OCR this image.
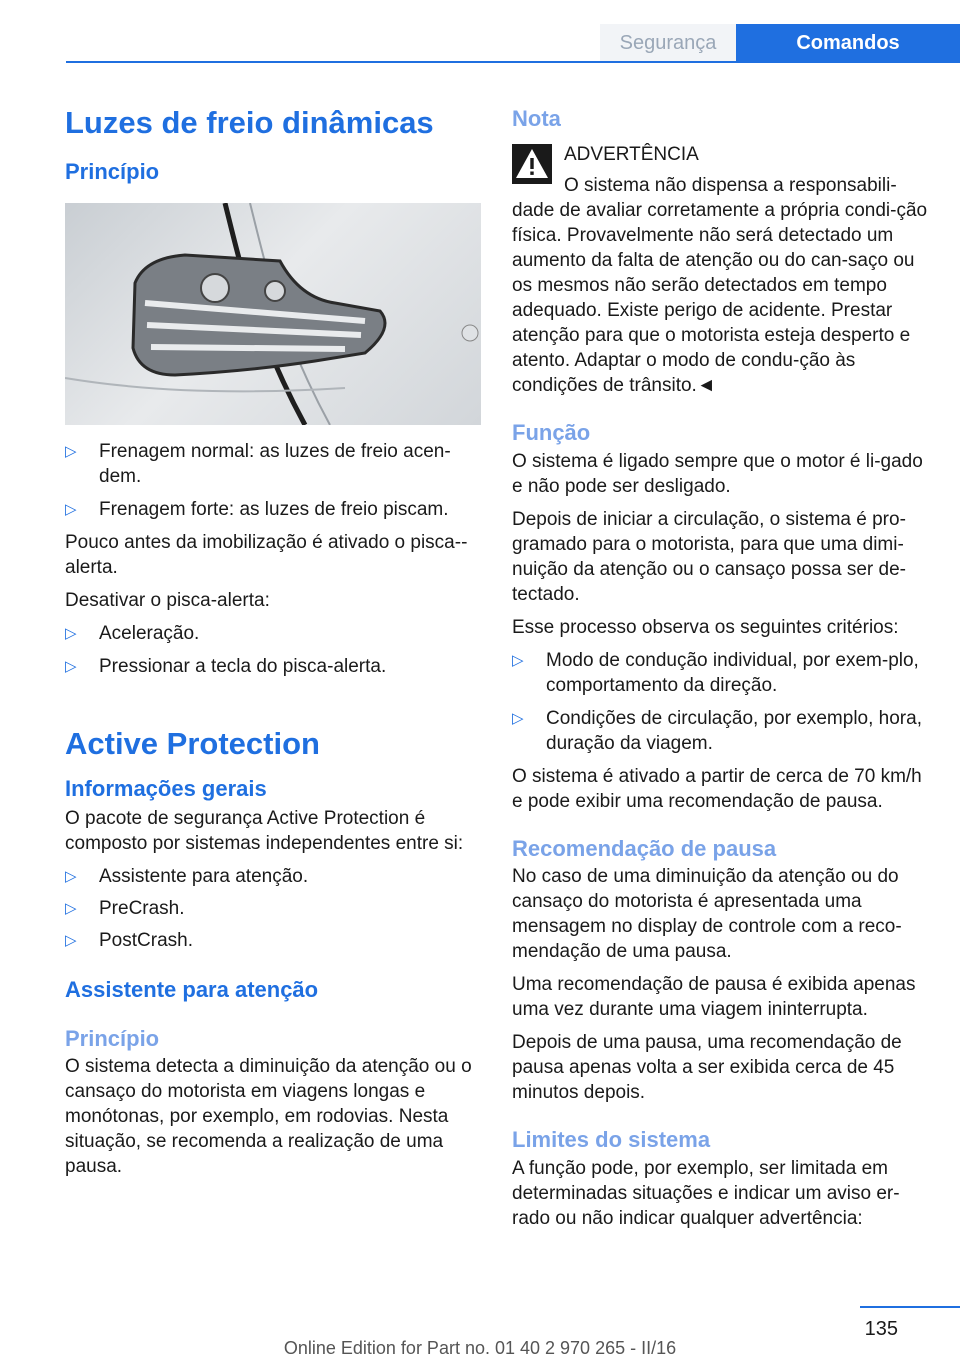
Segurança	Comandos
Luzes de freio dinâmicas
Princípio
▷ Frenagem normal: as luzes de freio acen-dem.
▷ Frenagem forte: as luzes de freio piscam.

Pouco antes da imobilização é ativado o pisca--alerta.

Desativar o pisca-alerta:

▷ Aceleração.
▷ Pressionar a tecla do pisca-alerta.
Active Protection
Informações gerais

O pacote de segurança Active Protection é composto por sistemas independentes entre si:

▷ Assistente para atenção.
▷ PreCrash.
▷ PostCrash.
Assistente para atenção
Princípio

O sistema detecta a diminuição da atenção ou o cansaço do motorista em viagens longas e monótonas, por exemplo, em rodovias. Nesta situação, se recomenda a realização de uma pausa.

Nota

ADVERTÊNCIA

O sistema não dispensa a responsabili-

dade de avaliar corretamente a própria condi-ção física. Provavelmente não será detectado um aumento da falta de atenção ou do can-saço ou os mesmos não serão detectados em tempo adequado. Existe perigo de acidente. Prestar atenção para que o motorista esteja desperto e atento. Adaptar o modo de condu-ção às condições de trânsito.◄

Função

O sistema é ligado sempre que o motor é li-gado e não pode ser desligado.

Depois de iniciar a circulação, o sistema é pro-gramado para o motorista, para que uma dimi-nuição da atenção ou o cansaço possa ser de-tectado.

Esse processo observa os seguintes critérios:

▷ Modo de condução individual, por exem-plo, comportamento da direção.
▷ Condições de circulação, por exemplo, hora, duração da viagem.

O sistema é ativado a partir de cerca de 70 km/h e pode exibir uma recomendação de pausa.

Recomendação de pausa

No caso de uma diminuição da atenção ou do cansaço do motorista é apresentada uma mensagem no display de controle com a reco-mendação de uma pausa.

Uma recomendação de pausa é exibida apenas uma vez durante uma viagem ininterrupta.

Depois de uma pausa, uma recomendação de pausa apenas volta a ser exibida cerca de 45 minutos depois.

Limites do sistema

A função pode, por exemplo, ser limitada em determinadas situações e indicar um aviso er-rado ou não indicar qualquer advertência:

135
Online Edition for Part no. 01 40 2 970 265 - II/16
